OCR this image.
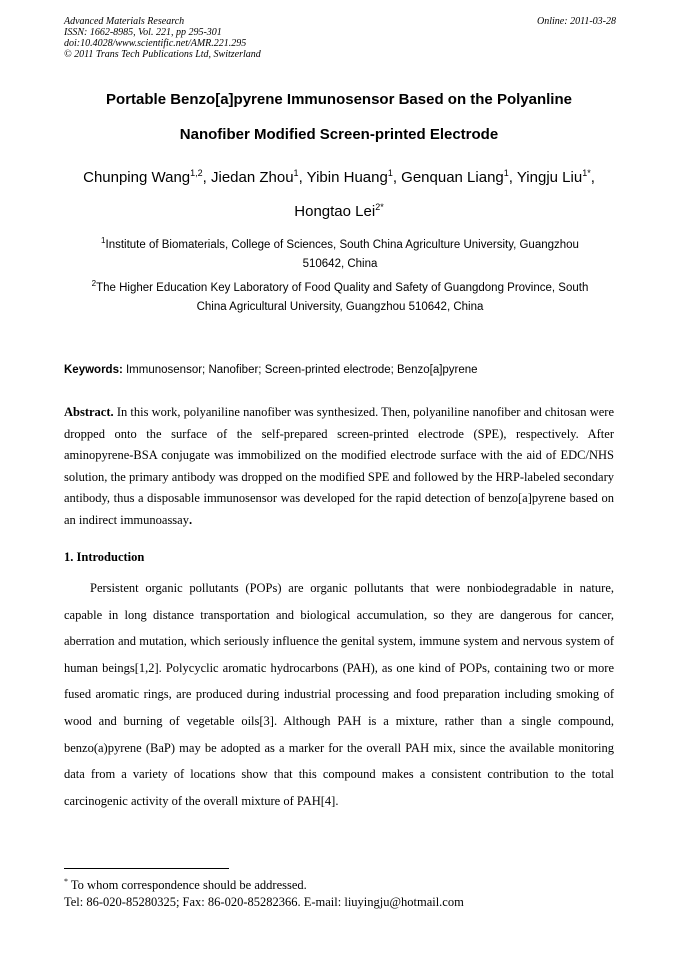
Advanced Materials Research
ISSN: 1662-8985, Vol. 221, pp 295-301
doi:10.4028/www.scientific.net/AMR.221.295
© 2011 Trans Tech Publications Ltd, Switzerland
Online: 2011-03-28
Portable Benzo[a]pyrene Immunosensor Based on the Polyanline
Nanofiber Modified Screen-printed Electrode
Chunping Wang$^{1,2}$, Jiedan Zhou$^1$, Yibin Huang$^1$, Genquan Liang$^1$, Yingju Liu$^{1*}$,
Hongtao Lei$^{2*}$
$^1$Institute of Biomaterials, College of Sciences, South China Agriculture University, Guangzhou
510642, China
$^2$The Higher Education Key Laboratory of Food Quality and Safety of Guangdong Province, South
China Agricultural University, Guangzhou 510642, China
Keywords: Immunosensor; Nanofiber; Screen-printed electrode; Benzo[a]pyrene
Abstract. In this work, polyaniline nanofiber was synthesized. Then, polyaniline nanofiber and chitosan were dropped onto the surface of the self-prepared screen-printed electrode (SPE), respectively. After aminopyrene-BSA conjugate was immobilized on the modified electrode surface with the aid of EDC/NHS solution, the primary antibody was dropped on the modified SPE and followed by the HRP-labeled secondary antibody, thus a disposable immunosensor was developed for the rapid detection of benzo[a]pyrene based on an indirect immunoassay.
1. Introduction
Persistent organic pollutants (POPs) are organic pollutants that were nonbiodegradable in nature, capable in long distance transportation and biological accumulation, so they are dangerous for cancer, aberration and mutation, which seriously influence the genital system, immune system and nervous system of human beings[1,2]. Polycyclic aromatic hydrocarbons (PAH), as one kind of POPs, containing two or more fused aromatic rings, are produced during industrial processing and food preparation including smoking of wood and burning of vegetable oils[3]. Although PAH is a mixture, rather than a single compound, benzo(a)pyrene (BaP) may be adopted as a marker for the overall PAH mix, since the available monitoring data from a variety of locations show that this compound makes a consistent contribution to the total carcinogenic activity of the overall mixture of PAH[4].
* To whom correspondence should be addressed.
Tel: 86-020-85280325; Fax: 86-020-85282366. E-mail: liuyingju@hotmail.com
